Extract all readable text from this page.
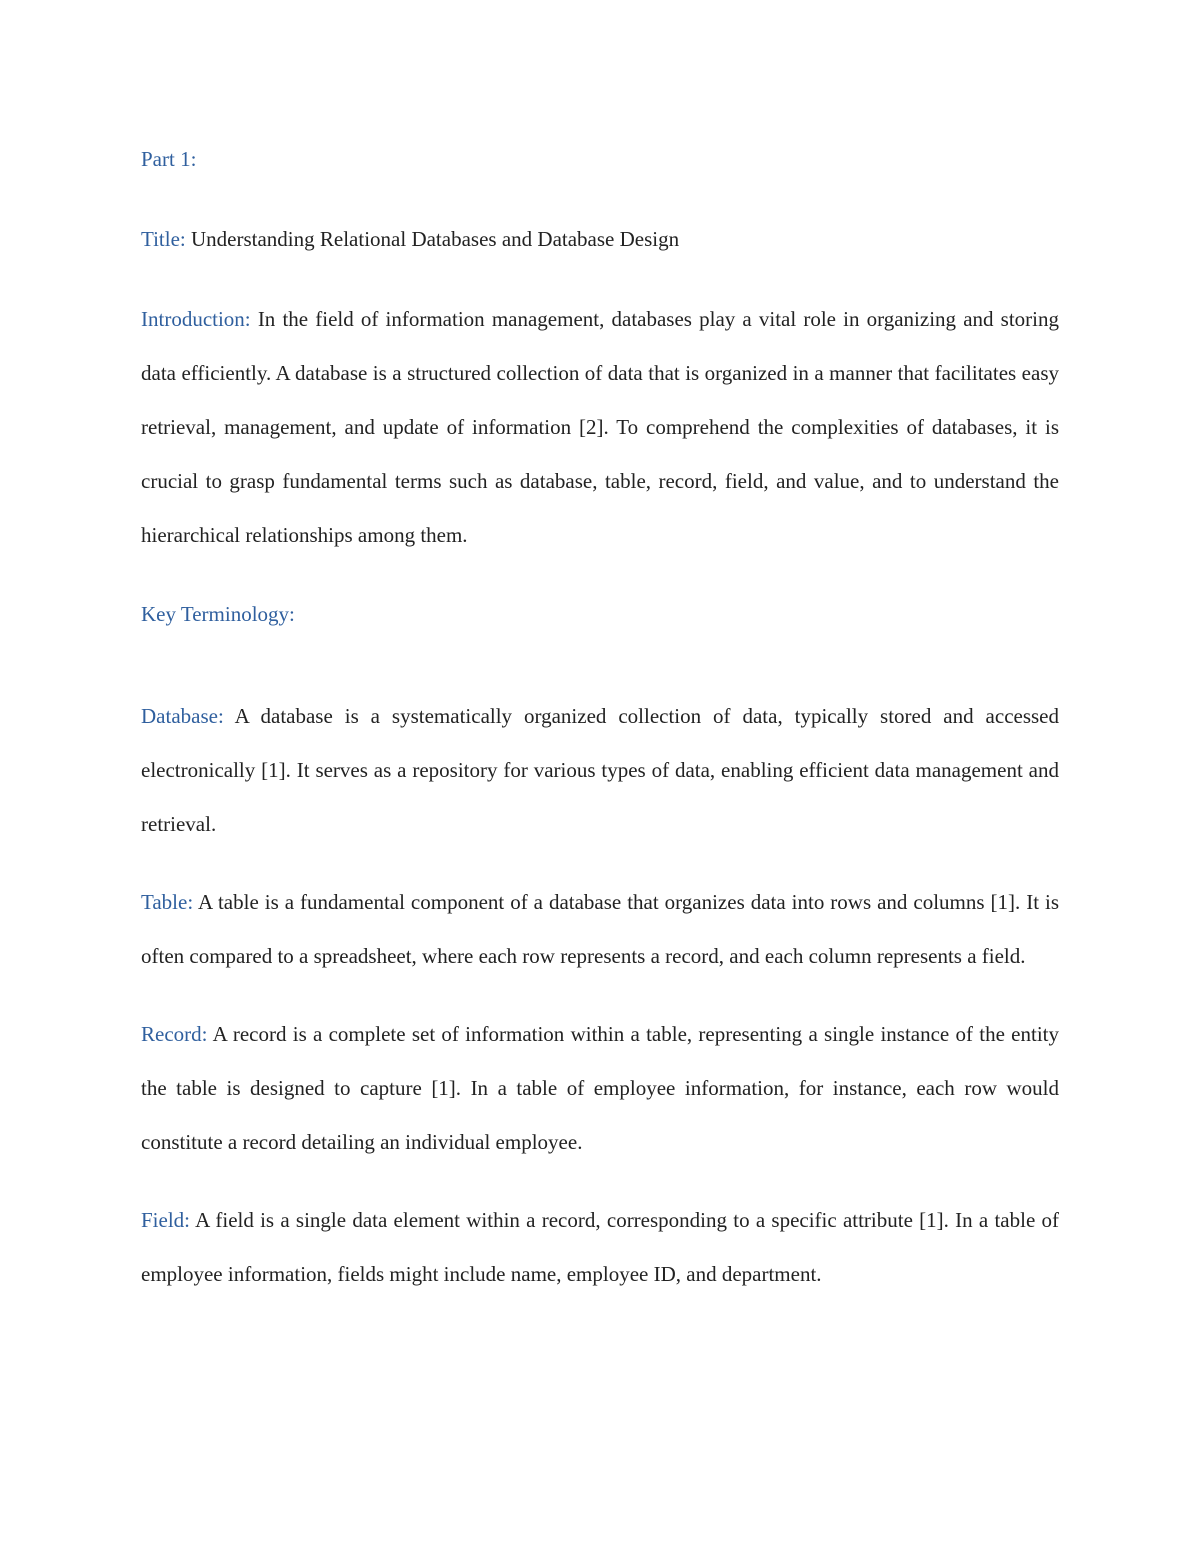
Part 1:

Title: Understanding Relational Databases and Database Design

Introduction: In the field of information management, databases play a vital role in organizing and storing data efficiently. A database is a structured collection of data that is organized in a manner that facilitates easy retrieval, management, and update of information [2]. To comprehend the complexities of databases, it is crucial to grasp fundamental terms such as database, table, record, field, and value, and to understand the hierarchical relationships among them.

Key Terminology:

Database: A database is a systematically organized collection of data, typically stored and accessed electronically [1]. It serves as a repository for various types of data, enabling efficient data management and retrieval.

Table: A table is a fundamental component of a database that organizes data into rows and columns [1]. It is often compared to a spreadsheet, where each row represents a record, and each column represents a field.

Record: A record is a complete set of information within a table, representing a single instance of the entity the table is designed to capture [1]. In a table of employee information, for instance, each row would constitute a record detailing an individual employee.

Field: A field is a single data element within a record, corresponding to a specific attribute [1]. In a table of employee information, fields might include name, employee ID, and department.
